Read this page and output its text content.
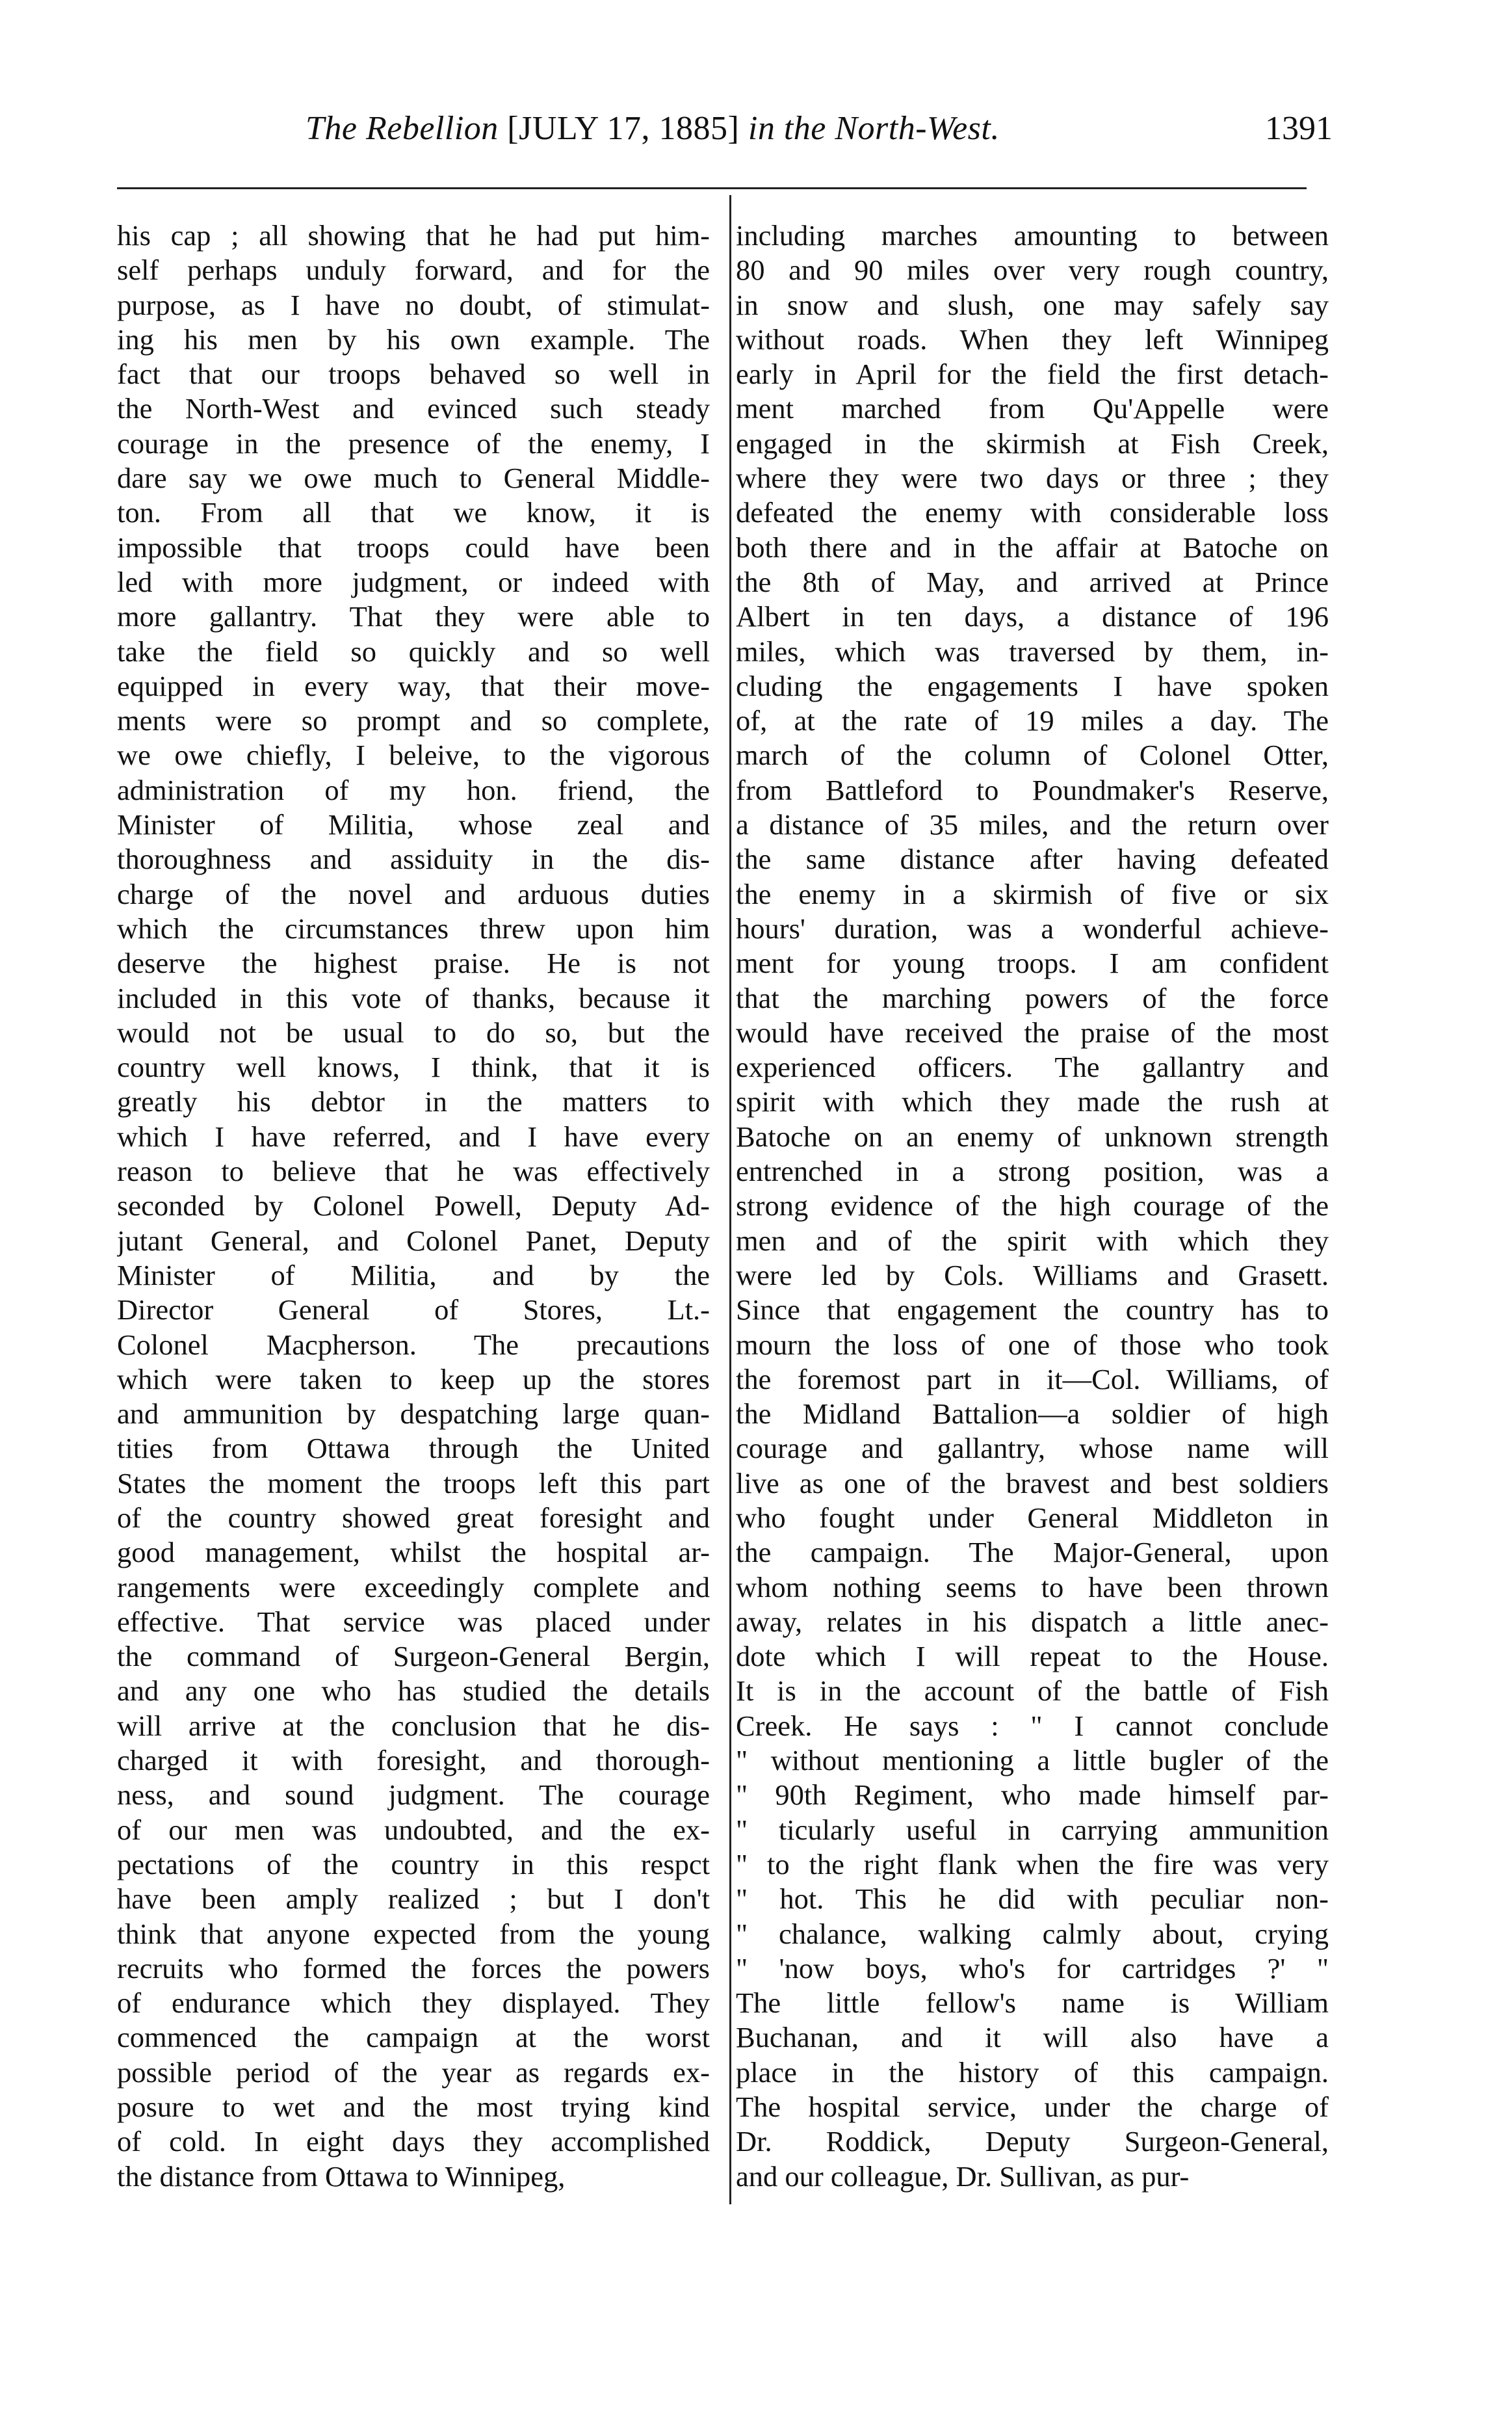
The Rebellion [JULY 17, 1885] in the North-West.	1391
his cap ; all showing that he had put him-
self perhaps unduly forward, and for the
purpose, as I have no doubt, of stimulat-
ing his men by his own example. The
fact that our troops behaved so well in
the North-West and evinced such steady
courage in the presence of the enemy, I
dare say we owe much to General Middle-
ton. From all that we know, it is
impossible that troops could have been
led with more judgment, or indeed with
more gallantry. That they were able to
take the field so quickly and so well
equipped in every way, that their move-
ments were so prompt and so complete,
we owe chiefly, I beleive, to the vigorous
administration of my hon. friend, the
Minister of Militia, whose zeal and
thoroughness and assiduity in the dis-
charge of the novel and arduous duties
which the circumstances threw upon him
deserve the highest praise. He is not
included in this vote of thanks, because it
would not be usual to do so, but the
country well knows, I think, that it is
greatly his debtor in the matters to
which I have referred, and I have every
reason to believe that he was effectively
seconded by Colonel Powell, Deputy Ad-
jutant General, and Colonel Panet, Deputy
Minister of Militia, and by the
Director General of Stores, Lt.-
Colonel Macpherson. The precautions
which were taken to keep up the stores
and ammunition by despatching large quan-
tities from Ottawa through the United
States the moment the troops left this part
of the country showed great foresight and
good management, whilst the hospital ar-
rangements were exceedingly complete and
effective. That service was placed under
the command of Surgeon-General Bergin,
and any one who has studied the details
will arrive at the conclusion that he dis-
charged it with foresight, and thorough-
ness, and sound judgment. The courage
of our men was undoubted, and the ex-
pectations of the country in this respct
have been amply realized ; but I don't
think that anyone expected from the young
recruits who formed the forces the powers
of endurance which they displayed. They
commenced the campaign at the worst
possible period of the year as regards ex-
posure to wet and the most trying kind
of cold. In eight days they accomplished
the distance from Ottawa to Winnipeg,
including marches amounting to between
80 and 90 miles over very rough country,
in snow and slush, one may safely say
without roads. When they left Winnipeg
early in April for the field the first detach-
ment marched from Qu'Appelle were
engaged in the skirmish at Fish Creek,
where they were two days or three ; they
defeated the enemy with considerable loss
both there and in the affair at Batoche on
the 8th of May, and arrived at Prince
Albert in ten days, a distance of 196
miles, which was traversed by them, in-
cluding the engagements I have spoken
of, at the rate of 19 miles a day. The
march of the column of Colonel Otter,
from Battleford to Poundmaker's Reserve,
a distance of 35 miles, and the return over
the same distance after having defeated
the enemy in a skirmish of five or six
hours' duration, was a wonderful achieve-
ment for young troops. I am confident
that the marching powers of the force
would have received the praise of the most
experienced officers. The gallantry and
spirit with which they made the rush at
Batoche on an enemy of unknown strength
entrenched in a strong position, was a
strong evidence of the high courage of the
men and of the spirit with which they
were led by Cols. Williams and Grasett.
Since that engagement the country has to
mourn the loss of one of those who took
the foremost part in it—Col. Williams, of
the Midland Battalion—a soldier of high
courage and gallantry, whose name will
live as one of the bravest and best soldiers
who fought under General Middleton in
the campaign. The Major-General, upon
whom nothing seems to have been thrown
away, relates in his dispatch a little anec-
dote which I will repeat to the House.
It is in the account of the battle of Fish
Creek. He says : " I cannot conclude
" without mentioning a little bugler of the
" 90th Regiment, who made himself par-
" ticularly useful in carrying ammunition
" to the right flank when the fire was very
" hot. This he did with peculiar non-
" chalance, walking calmly about, crying
" 'now boys, who's for cartridges ?' "
The little fellow's name is William
Buchanan, and it will also have a
place in the history of this campaign.
The hospital service, under the charge of
Dr. Roddick, Deputy Surgeon-General,
and our colleague, Dr. Sullivan, as pur-
